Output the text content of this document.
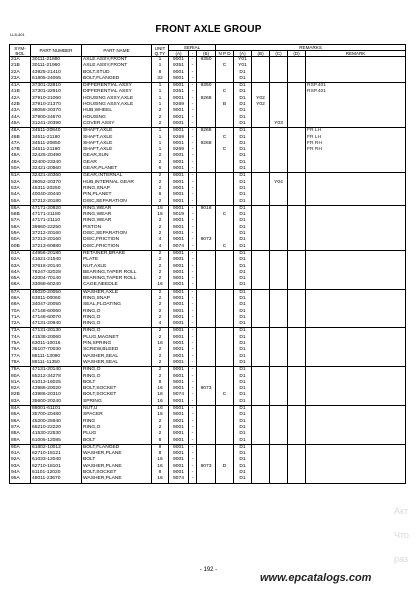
LL8-401	FRONT AXLE GROUP
SYM-
BOL	PART NUMBER	PART NAME	UNIT
Q.TY	SERIAL			REMARKS					
				(A)	-	(B)	N P D	(A)	(B)	(C)	(D)	REMARK
21A	30111-21880	AXLE ASSY,FRONT	1	9001	-	9350		Y01				
21B	30111-21960	AXLE ASSY,FRONT	1	9351	-		C	Y01				
22A	43925-21410	BOLT,STUD	8	9001	-			D1				
23A	61805-24065	BOLT,FLANGED	32	9001	-			D1				
41A	37301-22810	DIFFERENTIAL ASSY	1	9001	-	9350		D1				RSP.401
41B	37301-22910	DIFFERENTIAL ASSY	1	9351	-		C	D1				RSP.401
42A	37910-21060	HOUSING ASSY,AXLE	1	9001	-	9268		D1	Y02			
42B	37910-21370	HOUSING ASSY,AXLE	1	9269	-		B	D1	Y02			
43A	38058-20370	HUB,WHEEL	2	9001	-			D1				
44A	37900-24670	HOUSING	2	9001	-			D1				
45A	31241-20390	COVER ASSY	2	9001	-			D1		Y03		
46A	34511-20840	SHAFT,AXLE	1	9001	-	9268		D1				FR LH
46B	34511-21180	SHAFT,AXLE	1	9269	-		C	D1				FR LH
47A	34511-20850	SHAFT,AXLE	1	9001	-	9268		D1				FR RH
47B	34511-21190	SHAFT,AXLE	1	9269	-		C	D1				FR RH
48A	32425-20490	GEAR,SUN	2	9001	-			D1				
49A	32400-23340	GEAR	2	9001	-			D1				
50A	32421-20560	GEAR,PLANET	6	9001	-			D1				
51A	32421-20360	GEAR,INTERNAL	2	9001	-			D1				
52A	38052-20370	HUB,INTERNAL GEAR	2	9001	-			D1		Y04		
53A	45311-20250	RING,SNAP	2	9001	-			D1				
54A	40040-20440	PIN,PLANET	6	9001	-			D1				
55A	37212-20180	DISC,SEPARATION	2	9001	-			D1				
56A	47171-20920	RING,WEAR	16	9001	-	9018		D1				
56B	47171-21180	RING,WEAR	16	9019	-		C	D1				
57A	47171-21110	RING,WEAR	2	9001	-			D1				
58A	39960-22250	PISTON	2	9001	-			D1				
59A	37212-20160	DISC,SEPARATION	2	9001	-			D1				
60A	37213-20160	DISC,FRICTION	4	9001	-	9073		D1				
60B	37213-60880	DISC,FRICTION	4	9074	-		C	D1				
61A	44956-20180	RETAINER,BRAKE	2	9001	-			D1				
62A	41621-21540	PLATE	2	9001	-			D1				
63A	37616-20140	NUT,AXLE	2	9001	-			D1				
64A	76247-32028	BEARING,TAPER ROLL	2	9001	-			D1				
65A	42004-70140	BEARING,TAPER ROLL	2	9001	-			D1				
66A	33068-60240	CAGE,NEEDLE	16	9001	-			D1				
67A	46020-20050	WASHER,AXLE	2	9001	-			D1				
68A	63811-00060	RING,SNAP	2	9001	-			D1				
69A	34047-20050	SEAL,FLOATING	2	9001	-			D1				
70A	47148-60060	RING,O	2	9001	-			D1				
71A	47148-60070	RING,O	2	9001	-			D1				
72A	47131-20940	RING,O	4	9001	-			D1				
73A	47131-20130	RING,O	2	9001	-			D1				
74A	41538-20060	PLUG,MAGNET	2	9001	-			D1				
75A	63011-10016	PIN,SPRING	16	9001	-			D1				
76A	35107-70030	SCREW,BLEED	2	9001	-			D1				
77A	88111-13090	WASHER,SEAL	2	9001	-			D1				
78A	88111-11350	WASHER,SEAL	2	9001	-			D1				
79A	47131-20140	RING,O	2	9001	-			D1				
80A	65212-34278	RING,O	2	9001	-			D1				
81A	61013-16025	BOLT	8	9001	-			D1				
82A	43986-20020	BOLT,SOCKET	16	9001	-	9073		D1				
82B	43986-20310	BOLT,SOCKET	16	9074	-		C	D1				
83A	35600-20240	SPRING	16	9001	-			D1				
84A	88001-61101	NUT,U	16	9001	-			D1				
85A	35700-20480	SPACER	16	9001	-			D1				
86A	45200-25940	RING	2	9001	-			D1				
87A	65210-22220	RING,O	2	9001	-			D1				
88A	41530-22530	PLUG	2	9001	-			D1				
89A	61006-12085	BOLT	8	9001	-			D1				
90A	61802-10012	BOLT,FLANGED	8	9001	-			D1				
91A	62710-18121	WASHER,PLANE	8	9001	-			D1				
92A	61033-12040	BOLT	16	9001	-			D1				
93A	62710-18101	WASHER,PLANE	16	9001	-	9073	D	D1				
94A	61101-12020	BOLT,SOCKET	8	9001	-			D1				
95A	48011-23670	WASHER,PLANE	16	9074	-			D1				
- 192 -
www.epcatalogs.com
Акт
Что
раз
